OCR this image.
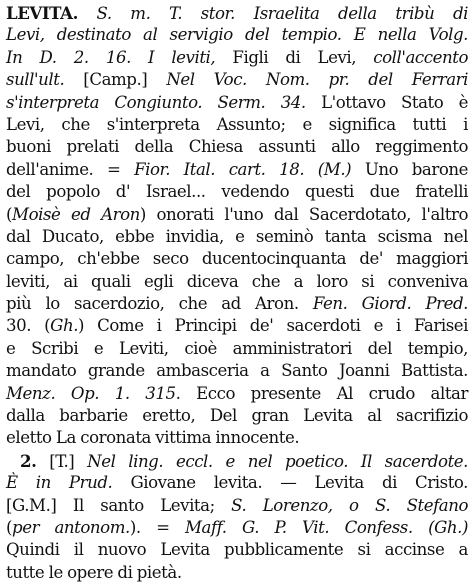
LEVITA. S. m. T. stor. Israelita della tribù di
Levi, destinato al servigio del tempio. E nella Volg.
In D. 2. 16. I leviti, Figli di Levi, coll'accento
sull'ult. [Camp.] Nel Voc. Nom. pr. del Ferrari
s'interpreta Congiunto. Serm. 34. L'ottavo Stato è
Levi, che s'interpreta Assunto; e significa tutti i
buoni prelati della Chiesa assunti allo reggimento
dell'anime. = Fior. Ital. cart. 18. (M.) Uno barone
del popolo d' Israel... vedendo questi due fratelli
(Moisè ed Aron) onorati l'uno dal Sacerdotato, l'altro
dal Ducato, ebbe invidia, e seminò tanta scisma nel
campo, ch'ebbe seco ducentocinquanta de' maggiori
leviti, ai quali egli diceva che a loro si conveniva
più lo sacerdozio, che ad Aron. Fen. Giord. Pred.
30. (Gh.) Come i Principi de' sacerdoti e i Farisei
e Scribi e Leviti, cioè amministratori del tempio,
mandato grande ambasceria a Santo Joanni Battista.
Menz. Op. 1. 315. Ecco presente Al crudo altar
dalla barbarie eretto, Del gran Levita al sacrifizio
eletto La coronata vittima innocente.
2. [T.] Nel ling. eccl. e nel poetico. Il sacerdote.
È in Prud. Giovane levita. — Levita di Cristo.
[G.M.] Il santo Levita; S. Lorenzo, o S. Stefano
(per antonom.). = Maff. G. P. Vit. Confess. (Gh.)
Quindi il nuovo Levita pubblicamente si accinse a
tutte le opere di pietà.
